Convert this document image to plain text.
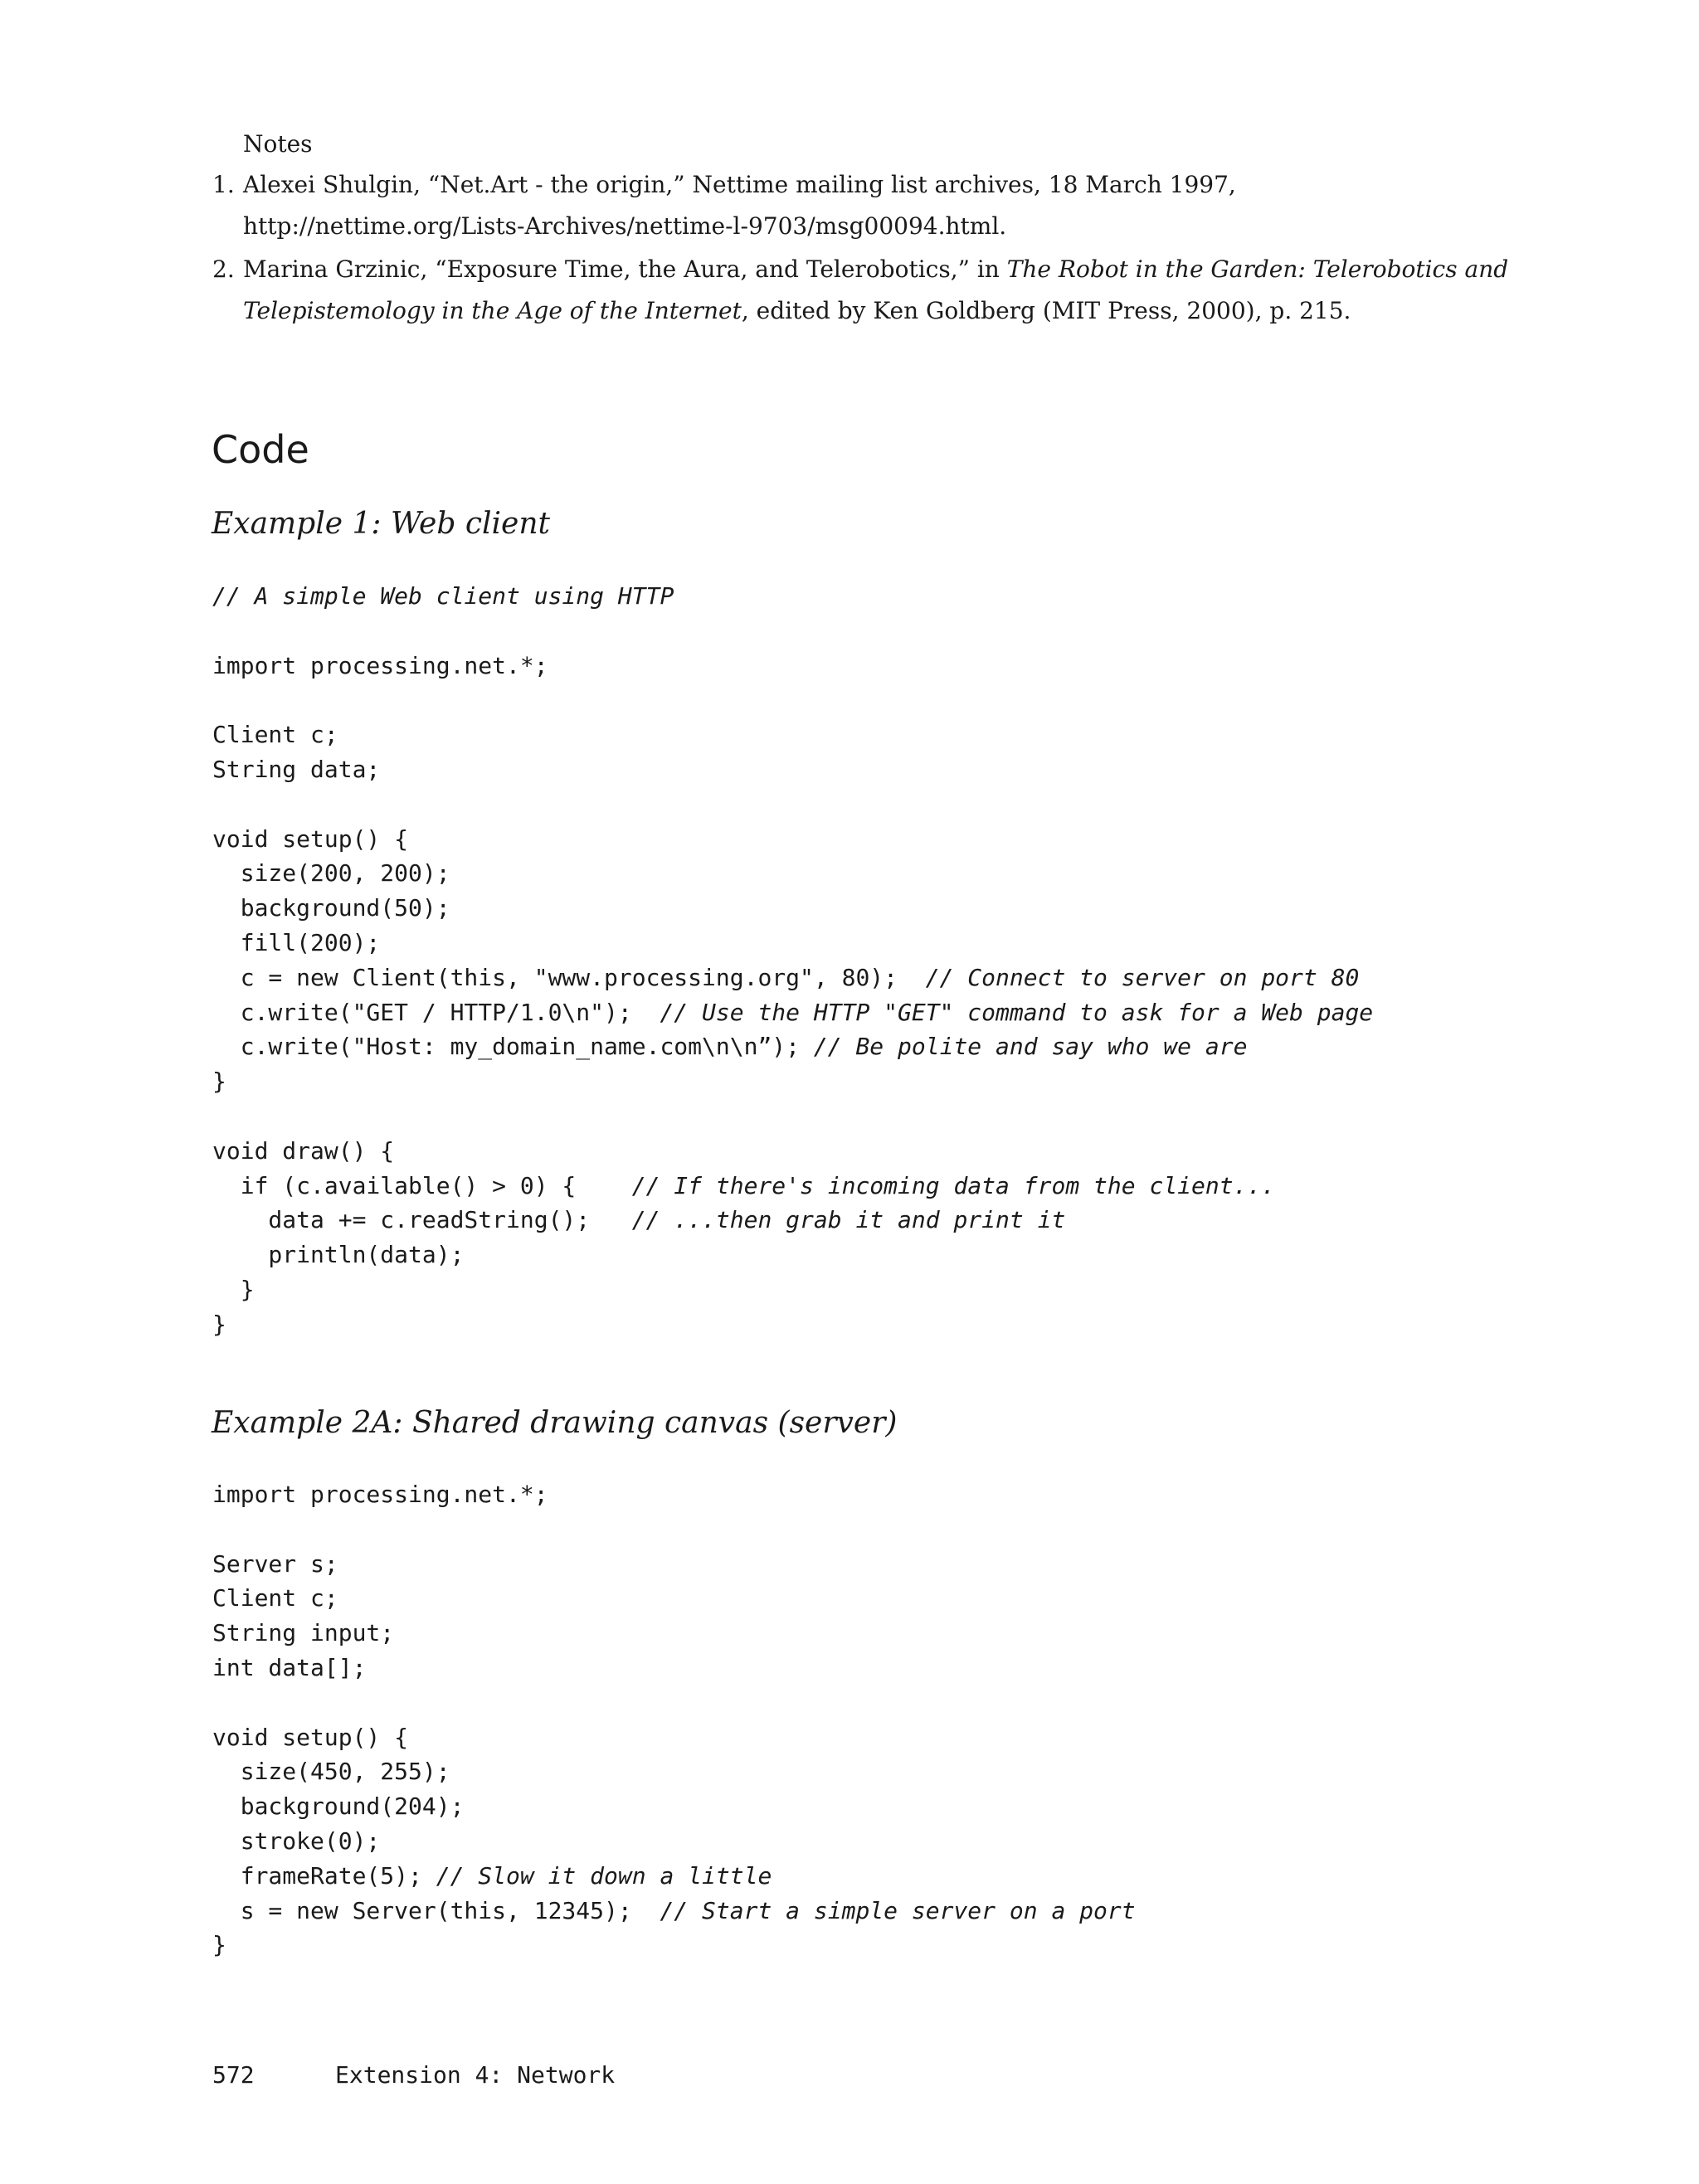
Notes
1. Alexei Shulgin, “Net.Art - the origin,” Nettime mailing list archives, 18 March 1997,
http://nettime.org/Lists-Archives/nettime-l-9703/msg00094.html.
2. Marina Grzinic, “Exposure Time, the Aura, and Telerobotics,” in The Robot in the Garden: Telerobotics and
Telepistemology in the Age of the Internet, edited by Ken Goldberg (MIT Press, 2000), p. 215.
Code
Example 1: Web client
// A simple Web client using HTTP
import processing.net.*;
Client c;
String data;
void setup() {
size(200, 200);
background(50);
fill(200);
c = new Client(this, "www.processing.org", 80);  // Connect to server on port 80
c.write("GET / HTTP/1.0\n");  // Use the HTTP "GET" command to ask for a Web page
c.write("Host: my_domain_name.com\n\n”); // Be polite and say who we are
}
void draw() {
if (c.available() > 0) {    // If there's incoming data from the client...
data += c.readString();   // ...then grab it and print it
println(data);
}
}
Example 2A: Shared drawing canvas (server)
import processing.net.*;
Server s;
Client c;
String input;
int data[];
void setup() {
size(450, 255);
background(204);
stroke(0);
frameRate(5); // Slow it down a little
s = new Server(this, 12345);  // Start a simple server on a port
}
572	Extension 4: Network
